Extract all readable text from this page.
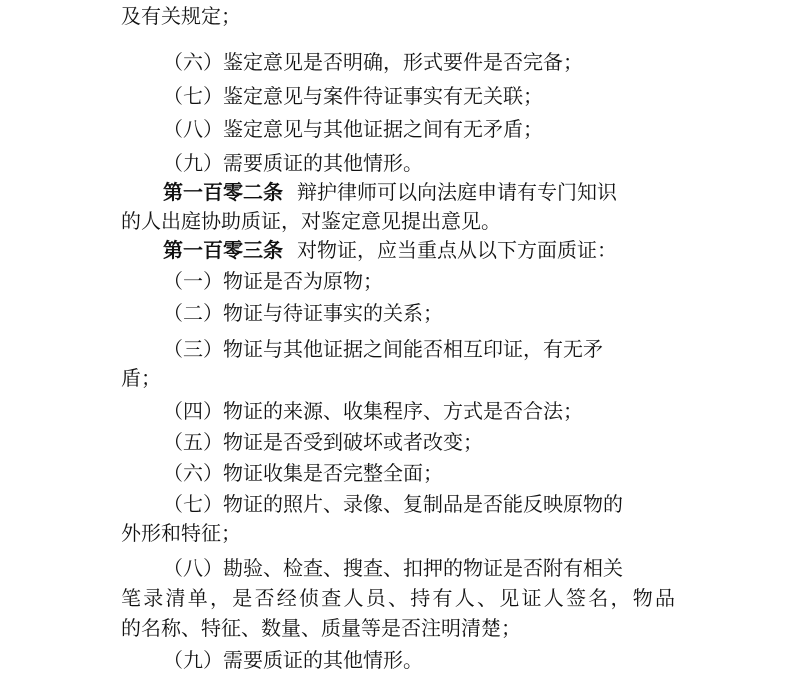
及有关规定；
（六）鉴定意见是否明确，形式要件是否完备；
（七）鉴定意见与案件待证事实有无关联；
（八）鉴定意见与其他证据之间有无矛盾；
（九）需要质证的其他情形。
第一百零二条 辩护律师可以向法庭申请有专门知识
的人出庭协助质证，对鉴定意见提出意见。
第一百零三条 对物证，应当重点从以下方面质证：
（一）物证是否为原物；
（二）物证与待证事实的关系；
（三）物证与其他证据之间能否相互印证，有无矛
盾；
（四）物证的来源、收集程序、方式是否合法；
（五）物证是否受到破坏或者改变；
（六）物证收集是否完整全面；
（七）物证的照片、录像、复制品是否能反映原物的
外形和特征；
（八）勘验、检查、搜查、扣押的物证是否附有相关
笔录清单，是否经侦查人员、持有人、见证人签名，物品
的名称、特征、数量、质量等是否注明清楚；
（九）需要质证的其他情形。
